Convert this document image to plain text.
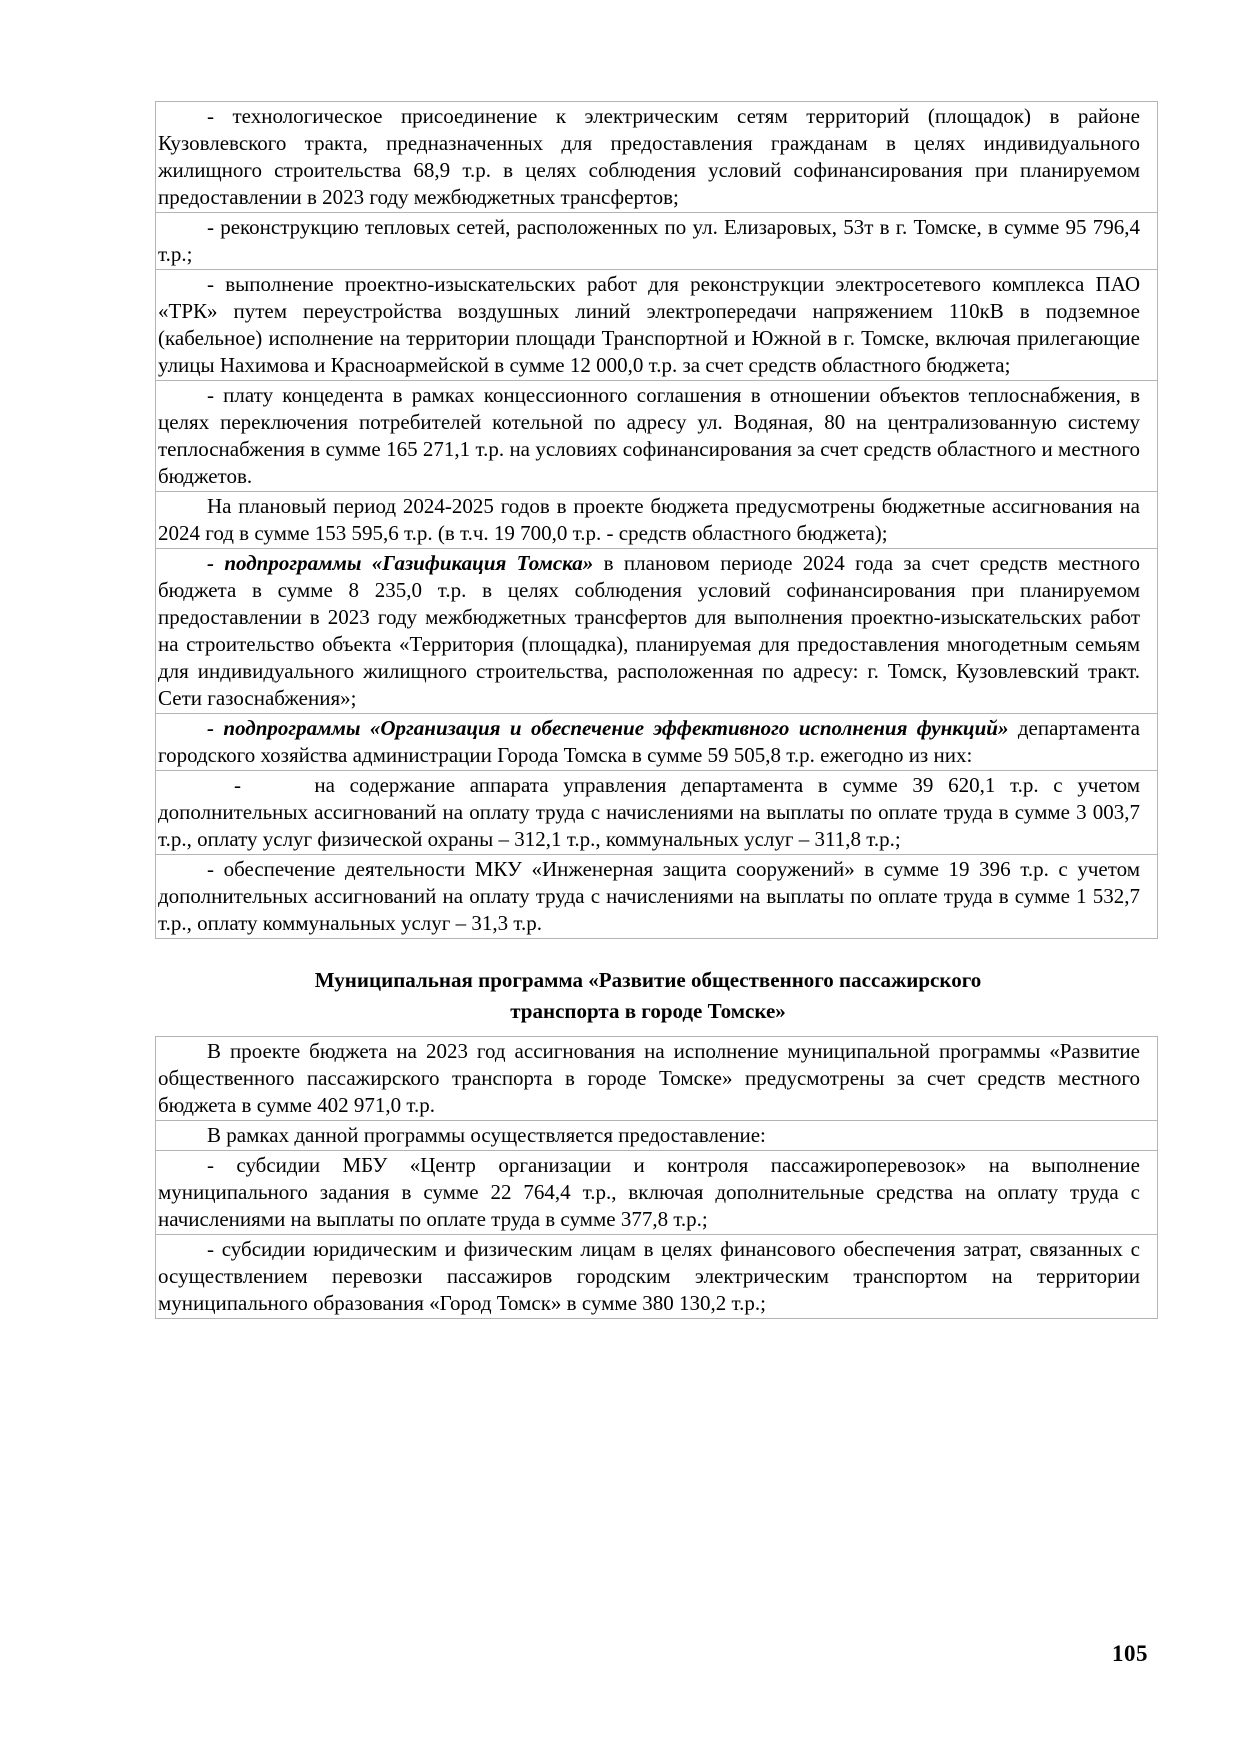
- технологическое присоединение к электрическим сетям территорий (площадок) в районе Кузовлевского тракта, предназначенных для предоставления гражданам в целях индивидуального жилищного строительства 68,9 т.р. в целях соблюдения условий софинансирования при планируемом предоставлении в 2023 году межбюджетных трансфертов;

- реконструкцию тепловых сетей, расположенных по ул. Елизаровых, 53т в г. Томске, в сумме 95 796,4 т.р.;

- выполнение проектно-изыскательских работ для реконструкции электросетевого комплекса ПАО «ТРК» путем переустройства воздушных линий электропередачи напряжением 110кВ в подземное (кабельное) исполнение на территории площади Транспортной и Южной в г. Томске, включая прилегающие улицы Нахимова и Красноармейской в сумме 12 000,0 т.р. за счет средств областного бюджета;

- плату концедента в рамках концессионного соглашения в отношении объектов теплоснабжения, в целях переключения потребителей котельной по адресу ул. Водяная, 80 на централизованную систему теплоснабжения в сумме 165 271,1 т.р. на условиях софинансирования за счет средств областного и местного бюджетов.

На плановый период 2024-2025 годов в проекте бюджета предусмотрены бюджетные ассигнования на 2024 год в сумме 153 595,6 т.р. (в т.ч. 19 700,0 т.р. - средств областного бюджета);

- подпрограммы «Газификация Томска» в плановом периоде 2024 года за счет средств местного бюджета в сумме 8 235,0 т.р. в целях соблюдения условий софинансирования при планируемом предоставлении в 2023 году межбюджетных трансфертов для выполнения проектно-изыскательских работ на строительство объекта «Территория (площадка), планируемая для предоставления многодетным семьям для индивидуального жилищного строительства, расположенная по адресу: г. Томск, Кузовлевский тракт. Сети газоснабжения»;

- подпрограммы «Организация и обеспечение эффективного исполнения функций» департамента городского хозяйства администрации Города Томска в сумме 59 505,8 т.р. ежегодно из них:

-     на содержание аппарата управления департамента в сумме 39 620,1 т.р. с учетом дополнительных ассигнований на оплату труда с начислениями на выплаты по оплате труда в сумме 3 003,7 т.р., оплату услуг физической охраны – 312,1 т.р., коммунальных услуг – 311,8 т.р.;

- обеспечение деятельности МКУ «Инженерная защита сооружений» в сумме 19 396 т.р. с учетом дополнительных ассигнований на оплату труда с начислениями на выплаты по оплате труда в сумме 1 532,7 т.р., оплату коммунальных услуг – 31,3 т.р.

Муниципальная программа «Развитие общественного пассажирского
транспорта в городе Томске»

В проекте бюджета на 2023 год ассигнования на исполнение муниципальной программы «Развитие общественного пассажирского транспорта в городе Томске» предусмотрены за счет средств местного бюджета в сумме 402 971,0 т.р.

В рамках данной программы осуществляется предоставление:

- субсидии МБУ «Центр организации и контроля пассажироперевозок» на выполнение муниципального задания в сумме 22 764,4 т.р., включая дополнительные средства на оплату труда с начислениями на выплаты по оплате труда в сумме 377,8 т.р.;

- субсидии юридическим и физическим лицам в целях финансового обеспечения затрат, связанных с осуществлением перевозки пассажиров городским электрическим транспортом на территории муниципального образования «Город Томск» в сумме 380 130,2 т.р.;

105
